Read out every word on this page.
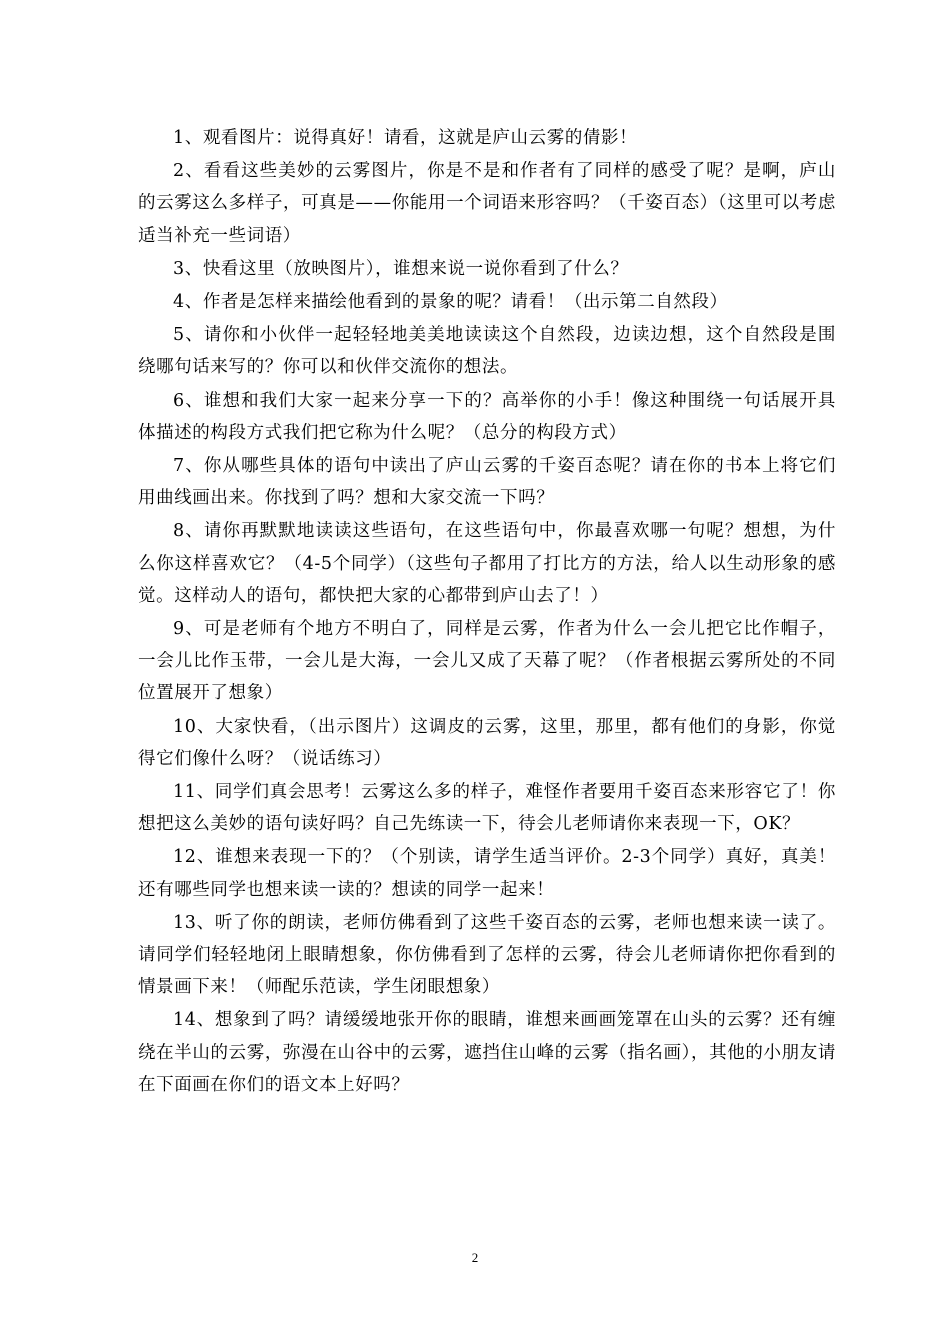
1、观看图片：说得真好！请看，这就是庐山云雾的倩影！

2、看看这些美妙的云雾图片，你是不是和作者有了同样的感受了呢？是啊，庐山的云雾这么多样子，可真是——你能用一个词语来形容吗？（千姿百态）（这里可以考虑适当补充一些词语）

3、快看这里（放映图片），谁想来说一说你看到了什么？

4、作者是怎样来描绘他看到的景象的呢？请看！（出示第二自然段）

5、请你和小伙伴一起轻轻地美美地读读这个自然段，边读边想，这个自然段是围绕哪句话来写的？你可以和伙伴交流你的想法。

6、谁想和我们大家一起来分享一下的？高举你的小手！像这种围绕一句话展开具体描述的构段方式我们把它称为什么呢？（总分的构段方式）

7、你从哪些具体的语句中读出了庐山云雾的千姿百态呢？请在你的书本上将它们用曲线画出来。你找到了吗？想和大家交流一下吗？

8、请你再默默地读读这些语句，在这些语句中，你最喜欢哪一句呢？想想，为什么你这样喜欢它？（4-5个同学）（这些句子都用了打比方的方法，给人以生动形象的感觉。这样动人的语句，都快把大家的心都带到庐山去了！）

9、可是老师有个地方不明白了，同样是云雾，作者为什么一会儿把它比作帽子，一会儿比作玉带，一会儿是大海，一会儿又成了天幕了呢？（作者根据云雾所处的不同位置展开了想象）

10、大家快看，（出示图片）这调皮的云雾，这里，那里，都有他们的身影，你觉得它们像什么呀？（说话练习）

11、同学们真会思考！云雾这么多的样子，难怪作者要用千姿百态来形容它了！你想把这么美妙的语句读好吗？自己先练读一下，待会儿老师请你来表现一下，OK？

12、谁想来表现一下的？（个别读，请学生适当评价。2-3个同学）真好，真美！还有哪些同学也想来读一读的？想读的同学一起来！

13、听了你的朗读，老师仿佛看到了这些千姿百态的云雾，老师也想来读一读了。请同学们轻轻地闭上眼睛想象，你仿佛看到了怎样的云雾，待会儿老师请你把你看到的情景画下来！（师配乐范读，学生闭眼想象）

14、想象到了吗？请缓缓地张开你的眼睛，谁想来画画笼罩在山头的云雾？还有缠绕在半山的云雾，弥漫在山谷中的云雾，遮挡住山峰的云雾（指名画），其他的小朋友请在下面画在你们的语文本上好吗？

2
